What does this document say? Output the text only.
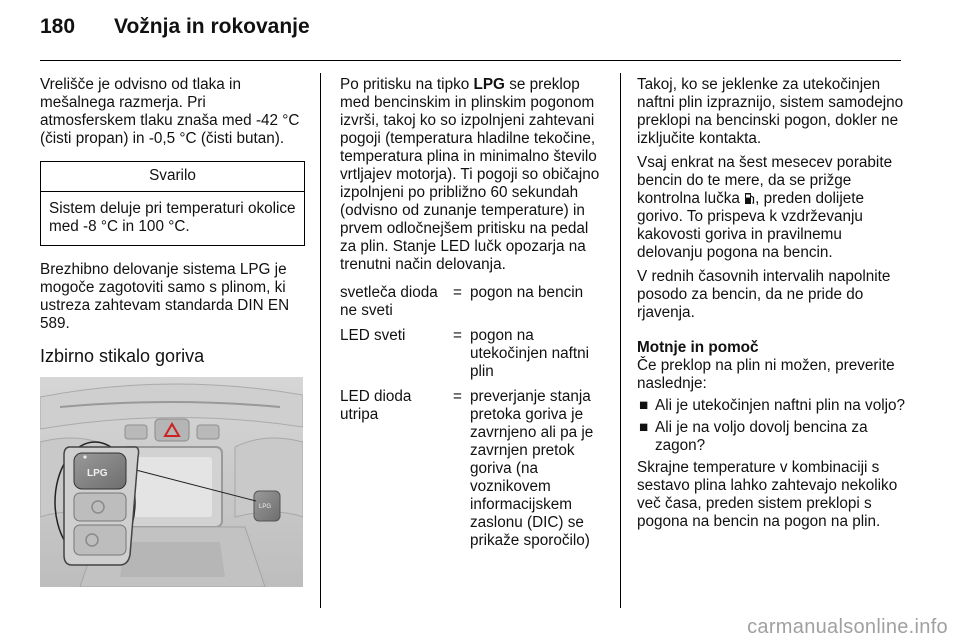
180 Vožnja in rokovanje

Vrelišče je odvisno od tlaka in mešalnega razmerja. Pri atmosferskem tlaku znaša med -42 °C (čisti propan) in -0,5 °C (čisti butan).

Svarilo
Sistem deluje pri temperaturi okolice med -8 °C in 100 °C.

Brezhibno delovanje sistema LPG je mogoče zagotoviti samo s plinom, ki ustreza zahtevam standarda DIN EN 589.

Izbirno stikalo goriva
LPG
LPG

Po pritisku na tipko LPG se preklop med bencinskim in plinskim pogonom izvrši, takoj ko so izpolnjeni zahtevani pogoji (temperatura hladilne tekočine, temperatura plina in minimalno število vrtljajev motorja). Ti pogoji so običajno izpolnjeni po približno 60 sekundah (odvisno od zunanje temperature) in prvem odločnejšem pritisku na pedal za plin. Stanje LED lučk opozarja na trenutni način delovanja.

svetleča dioda ne sveti	=	pogon na bencin
LED sveti	=	pogon na utekočinjen naftni plin
LED dioda utripa	=	preverjanje stanja pretoka goriva je zavrnjeno ali pa je zavrnjen pretok goriva (na voznikovem informacijskem zaslonu (DIC) se prikaže sporočilo)

Takoj, ko se jeklenke za utekočinjen naftni plin izpraznijo, sistem samodejno preklopi na bencinski pogon, dokler ne izključite kontakta.

Vsaj enkrat na šest mesecev porabite bencin do te mere, da se prižge kontrolna lučka , preden dolijete gorivo. To prispeva k vzdrževanju kakovosti goriva in pravilnemu delovanju pogona na bencin.

V rednih časovnih intervalih napolnite posodo za bencin, da ne pride do rjavenja.

Motnje in pomoč

Če preklop na plin ni možen, preverite naslednje:

■ Ali je utekočinjen naftni plin na voljo?
■ Ali je na voljo dovolj bencina za zagon?

Skrajne temperature v kombinaciji s sestavo plina lahko zahtevajo nekoliko več časa, preden sistem preklopi s pogona na bencin na pogon na plin.

carmanualsonline.info
